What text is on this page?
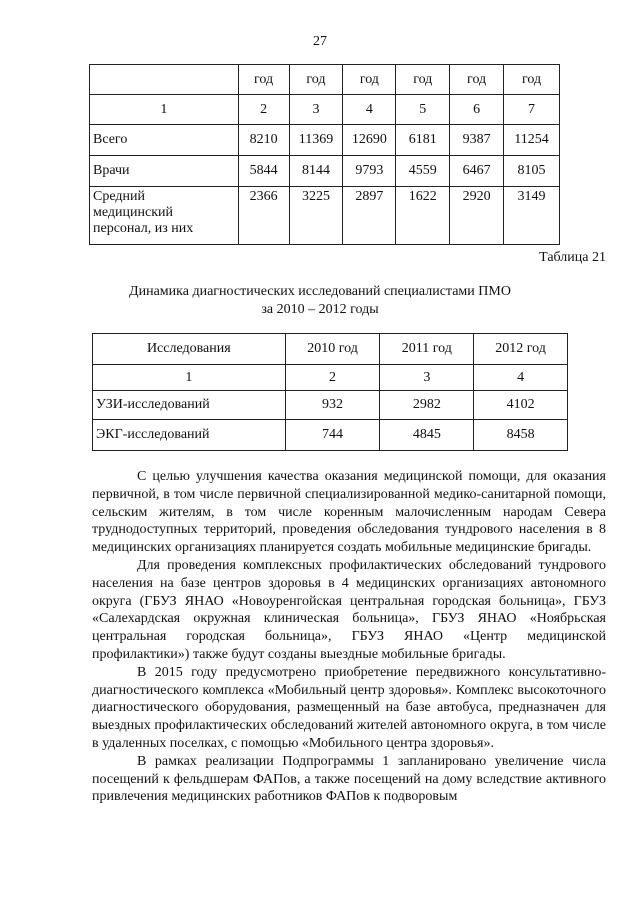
27
	год	год	год	год	год	год
1	2	3	4	5	6	7
Всего	8210	11369	12690	6181	9387	11254
Врачи	5844	8144	9793	4559	6467	8105

Средний
медицинский
персонал, из них	2366	3225	2897	1622	2920	3149
Таблица 21
Динамика диагностических исследований специалистами ПМО
за 2010 – 2012 годы
Исследования	2010 год	2011 год	2012 год
1	2	3	4
УЗИ-исследований	932	2982	4102
ЭКГ-исследований	744	4845	8458

С целью улучшения качества оказания медицинской помощи, для оказания первичной, в том числе первичной специализированной медико-санитарной помощи, сельским жителям, в том числе коренным малочисленным народам Севера труднодоступных территорий, проведения обследования тундрового населения в 8 медицинских организациях планируется создать мобильные медицинские бригады.

Для проведения комплексных профилактических обследований тундрового населения на базе центров здоровья в 4 медицинских организациях автономного округа (ГБУЗ ЯНАО «Новоуренгойская центральная городская больница», ГБУЗ «Салехардская окружная клиническая больница», ГБУЗ ЯНАО «Ноябрьская центральная городская больница», ГБУЗ ЯНАО «Центр медицинской профилактики») также будут созданы выездные мобильные бригады.

В 2015 году предусмотрено приобретение передвижного консультативно-диагностического комплекса «Мобильный центр здоровья». Комплекс высокоточного диагностического оборудования, размещенный на базе автобуса, предназначен для выездных профилактических обследований жителей автономного округа, в том числе в удаленных поселках, с помощью «Мобильного центра здоровья».

В рамках реализации Подпрограммы 1 запланировано увеличение числа посещений к фельдшерам ФАПов, а также посещений на дому вследствие активного привлечения медицинских работников ФАПов к подворовым
